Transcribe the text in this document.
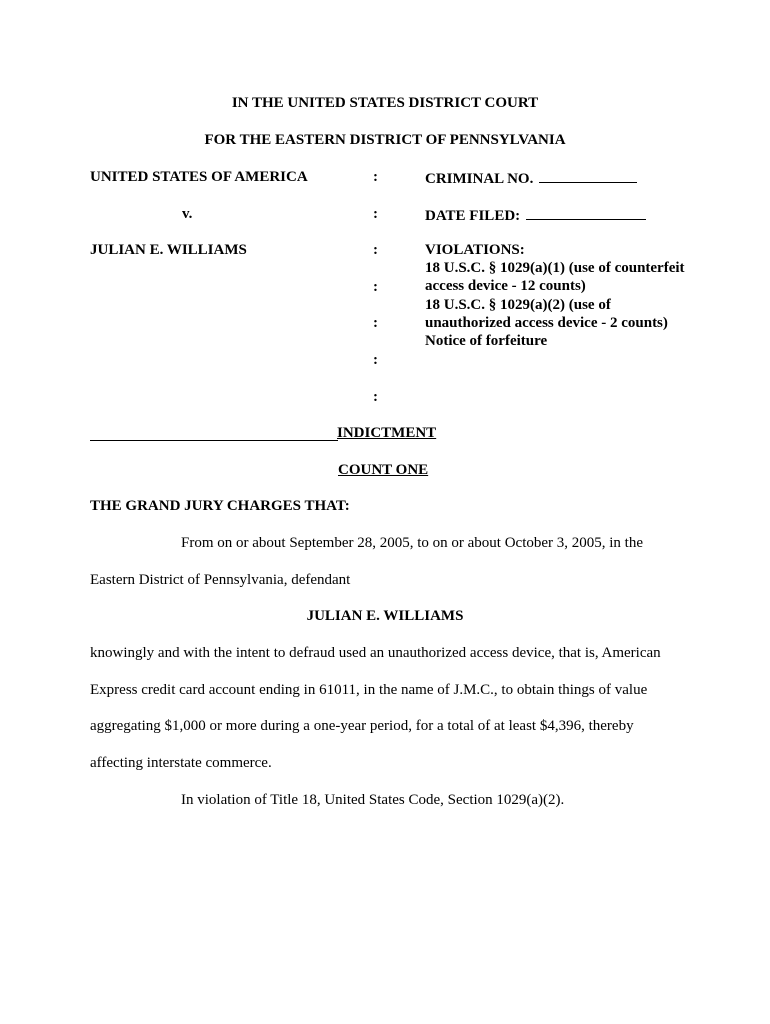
IN THE UNITED STATES DISTRICT COURT
FOR THE EASTERN DISTRICT OF PENNSYLVANIA
UNITED STATES OF AMERICA
v.
JULIAN E. WILLIAMS
:
:
:
:
:
:
:
CRIMINAL NO.
DATE FILED:
VIOLATIONS:
18 U.S.C. § 1029(a)(1) (use of counterfeit
access device - 12 counts)
18 U.S.C. § 1029(a)(2) (use of
unauthorized access device - 2 counts)
Notice of forfeiture
INDICTMENT
COUNT ONE
THE GRAND JURY CHARGES THAT:
From on or about September 28, 2005, to on or about October 3, 2005, in the
Eastern District of Pennsylvania, defendant
JULIAN E. WILLIAMS
knowingly and with the intent to defraud used an unauthorized access device, that is, American
Express credit card account ending in 61011, in the name of J.M.C., to obtain things of value
aggregating $1,000 or more during a one-year period, for a total of at least $4,396, thereby
affecting interstate commerce.
In violation of Title 18, United States Code, Section 1029(a)(2).
